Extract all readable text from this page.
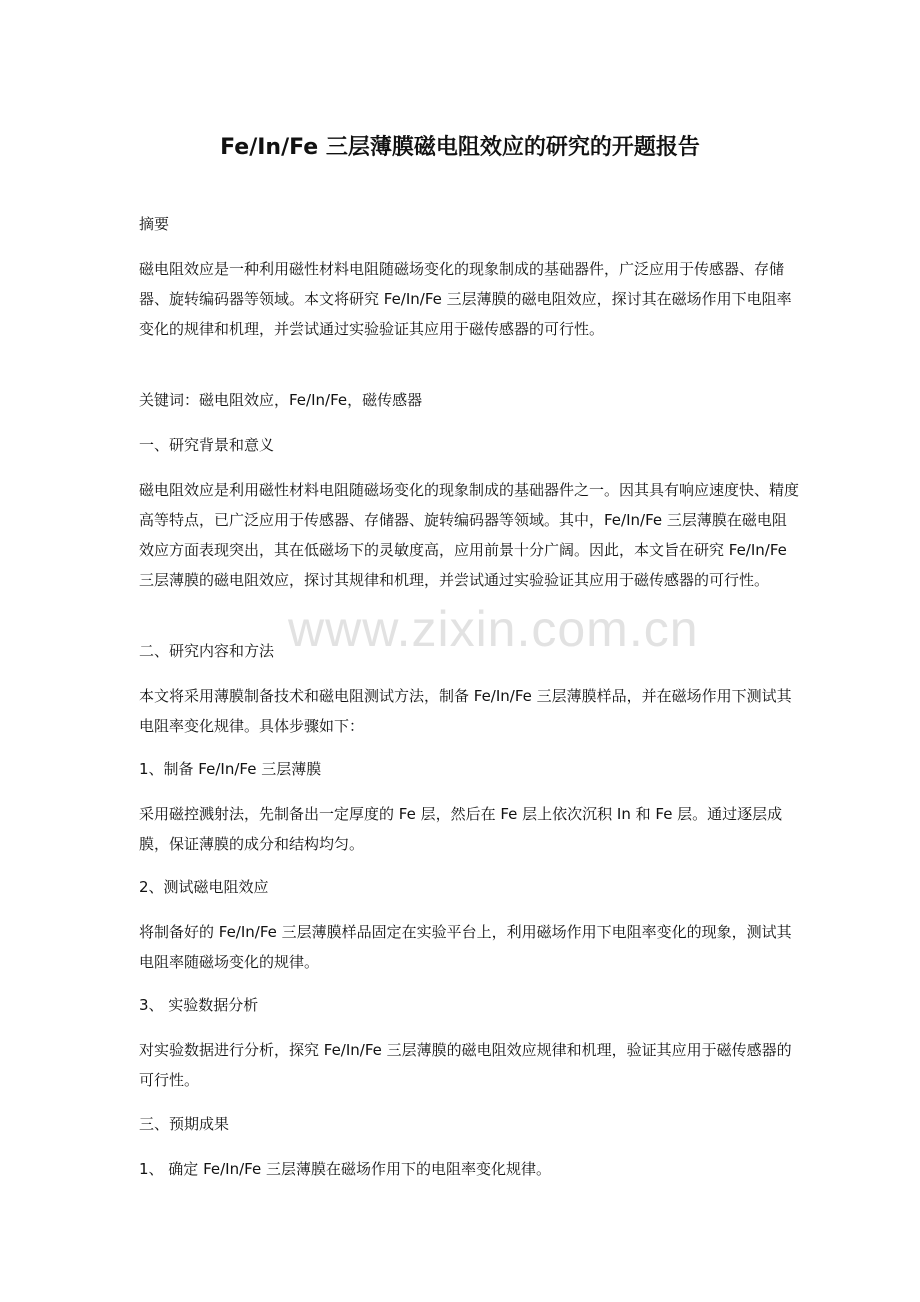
www.zixin.com.cn
Fe/In/Fe 三层薄膜磁电阻效应的研究的开题报告

摘要

磁电阻效应是一种利用磁性材料电阻随磁场变化的现象制成的基础器件，广泛应用于传感器、存储器、旋转编码器等领域。本文将研究 Fe/In/Fe 三层薄膜的磁电阻效应，探讨其在磁场作用下电阻率变化的规律和机理，并尝试通过实验验证其应用于磁传感器的可行性。

关键词：磁电阻效应，Fe/In/Fe，磁传感器

一、研究背景和意义

磁电阻效应是利用磁性材料电阻随磁场变化的现象制成的基础器件之一。因其具有响应速度快、精度高等特点，已广泛应用于传感器、存储器、旋转编码器等领域。其中，Fe/In/Fe 三层薄膜在磁电阻效应方面表现突出，其在低磁场下的灵敏度高，应用前景十分广阔。因此，本文旨在研究 Fe/In/Fe 三层薄膜的磁电阻效应，探讨其规律和机理，并尝试通过实验验证其应用于磁传感器的可行性。

二、研究内容和方法

本文将采用薄膜制备技术和磁电阻测试方法，制备 Fe/In/Fe 三层薄膜样品，并在磁场作用下测试其电阻率变化规律。具体步骤如下：

1、制备 Fe/In/Fe 三层薄膜

采用磁控溅射法，先制备出一定厚度的 Fe 层，然后在 Fe 层上依次沉积 In 和 Fe 层。通过逐层成膜，保证薄膜的成分和结构均匀。

2、测试磁电阻效应

将制备好的 Fe/In/Fe 三层薄膜样品固定在实验平台上，利用磁场作用下电阻率变化的现象，测试其电阻率随磁场变化的规律。

3、 实验数据分析

对实验数据进行分析，探究 Fe/In/Fe 三层薄膜的磁电阻效应规律和机理，验证其应用于磁传感器的可行性。

三、预期成果

1、 确定 Fe/In/Fe 三层薄膜在磁场作用下的电阻率变化规律。
